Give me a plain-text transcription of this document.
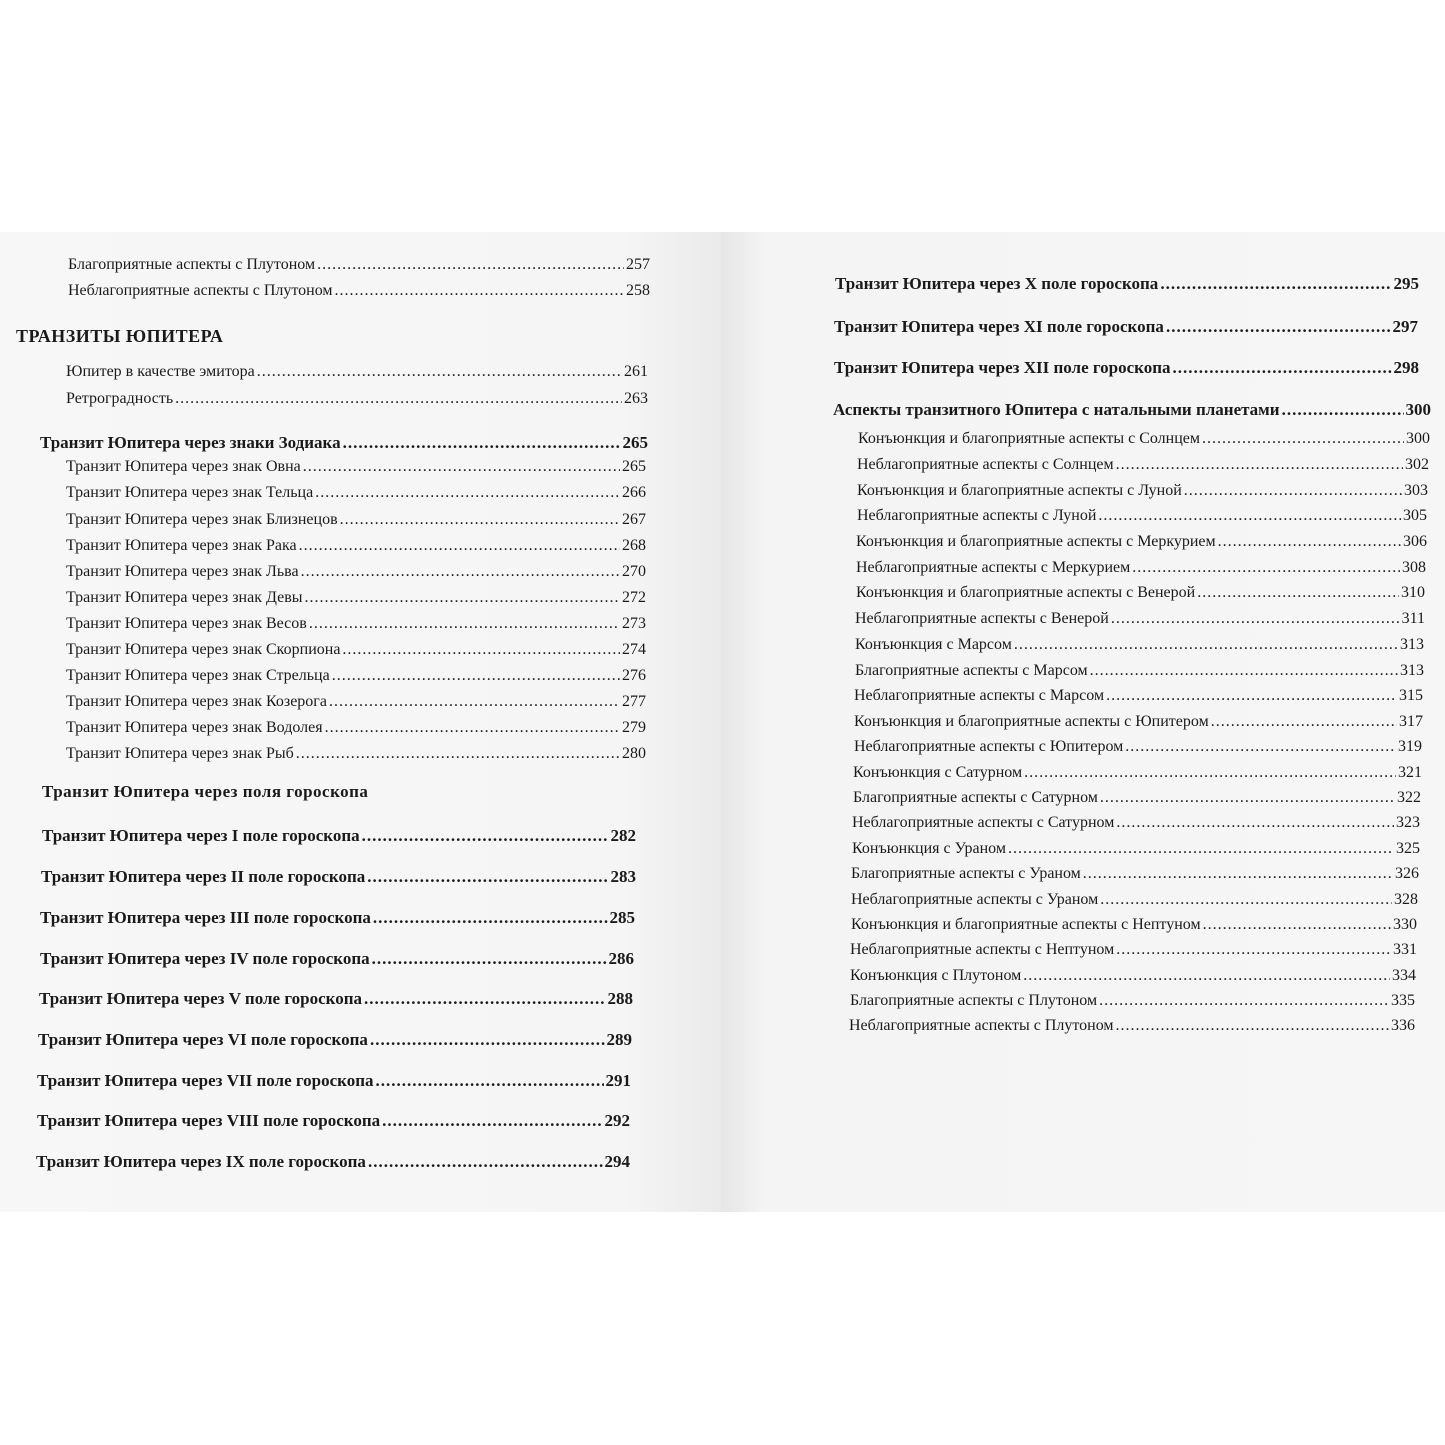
Благоприятные аспекты с Плутоном .....	257
Неблагоприятные аспекты с Плутоном .....	258
ТРАНЗИТЫ ЮПИТЕРА
Юпитер в качестве эмитора .....	261
Ретроградность .....	263
Транзит Юпитера через знаки Зодиака .....	265
Транзит Юпитера через знак Овна .....	265
Транзит Юпитера через знак Тельца .....	266
Транзит Юпитера через знак Близнецов .....	267
Транзит Юпитера через знак Рака .....	268
Транзит Юпитера через знак Льва .....	270
Транзит Юпитера через знак Девы .....	272
Транзит Юпитера через знак Весов .....	273
Транзит Юпитера через знак Скорпиона .....	274
Транзит Юпитера через знак Стрельца .....	276
Транзит Юпитера через знак Козерога .....	277
Транзит Юпитера через знак Водолея .....	279
Транзит Юпитера через знак Рыб .....	280
Транзит Юпитера через поля гороскопа
Транзит Юпитера через I поле гороскопа .....	282
Транзит Юпитера через II поле гороскопа .....	283
Транзит Юпитера через III поле гороскопа .....	285
Транзит Юпитера через IV поле гороскопа .....	286
Транзит Юпитера через V поле гороскопа .....	288
Транзит Юпитера через VI поле гороскопа .....	289
Транзит Юпитера через VII поле гороскопа .....	291
Транзит Юпитера через VIII поле гороскопа .....	292
Транзит Юпитера через IX поле гороскопа .....	294
Транзит Юпитера через X поле гороскопа .....	295
Транзит Юпитера через XI поле гороскопа .....	297
Транзит Юпитера через XII поле гороскопа .....	298
Аспекты транзитного Юпитера с натальными планетами .....	300
Конъюнкция и благоприятные аспекты с Солнцем .....	300
Неблагоприятные аспекты с Солнцем .....	302
Конъюнкция и благоприятные аспекты с Луной .....	303
Неблагоприятные аспекты с Луной .....	305
Конъюнкция и благоприятные аспекты с Меркурием .....	306
Неблагоприятные аспекты с Меркурием .....	308
Конъюнкция и благоприятные аспекты с Венерой .....	310
Неблагоприятные аспекты с Венерой .....	311
Конъюнкция с Марсом .....	313
Благоприятные аспекты с Марсом .....	313
Неблагоприятные аспекты с Марсом .....	315
Конъюнкция и благоприятные аспекты с Юпитером .....	317
Неблагоприятные аспекты с Юпитером .....	319
Конъюнкция с Сатурном .....	321
Благоприятные аспекты с Сатурном .....	322
Неблагоприятные аспекты с Сатурном .....	323
Конъюнкция с Ураном .....	325
Благоприятные аспекты с Ураном .....	326
Неблагоприятные аспекты с Ураном .....	328
Конъюнкция и благоприятные аспекты с Нептуном .....	330
Неблагоприятные аспекты с Нептуном .....	331
Конъюнкция с Плутоном .....	334
Благоприятные аспекты с Плутоном .....	335
Неблагоприятные аспекты с Плутоном .....	336
